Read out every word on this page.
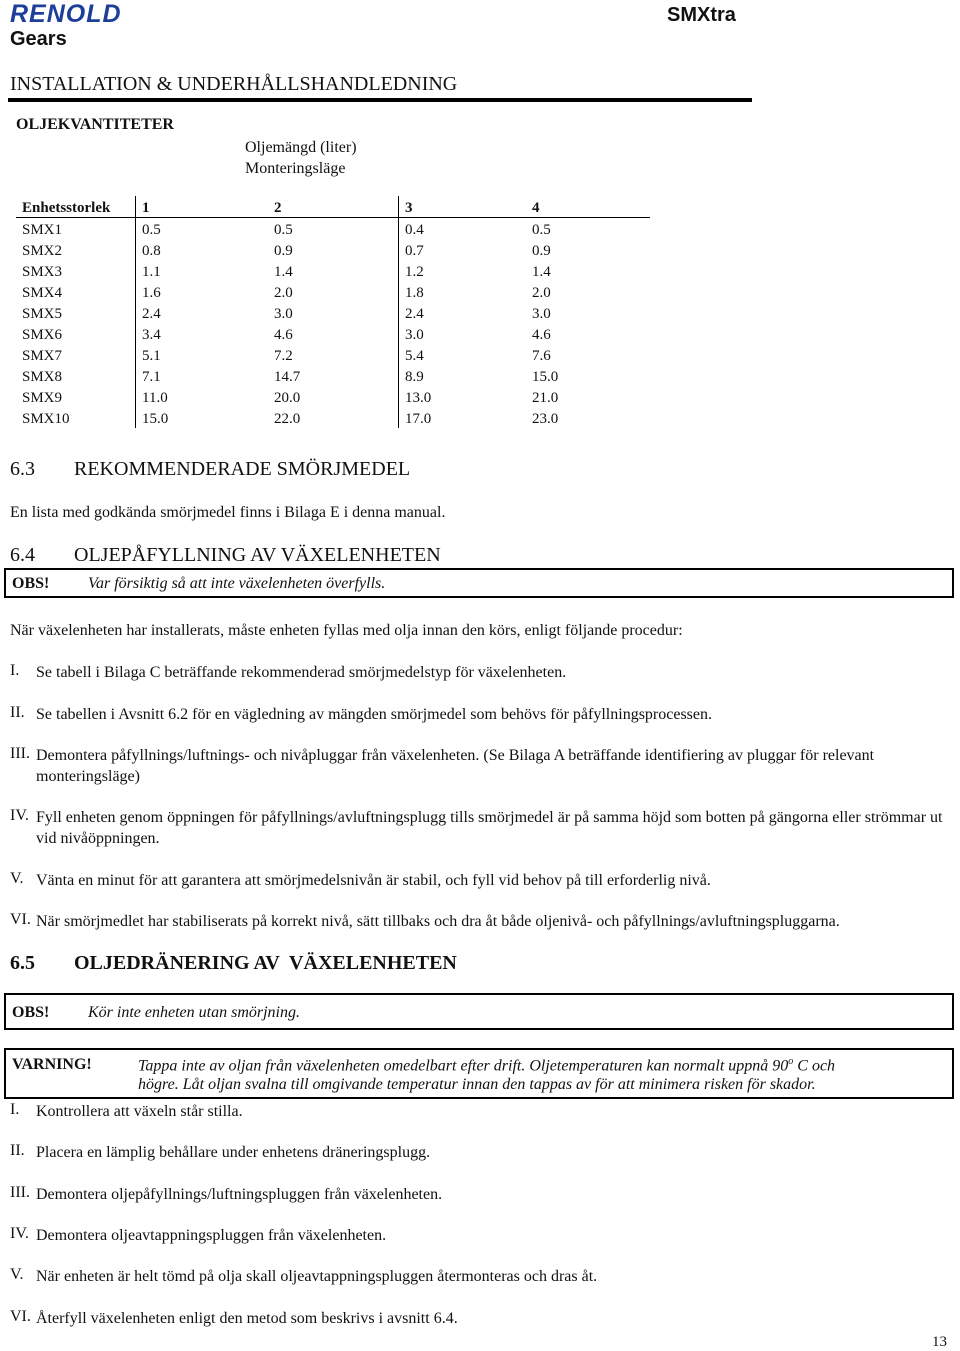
RENOLD
Gears
SMXtra
INSTALLATION & UNDERHÅLLSHANDLEDNING
OLJEKVANTITETER
Oljemängd (liter)
Monteringsläge
Enhetsstorlek	1	2	3	4
SMX1	0.5	0.5	0.4	0.5
SMX2	0.8	0.9	0.7	0.9
SMX3	1.1	1.4	1.2	1.4
SMX4	1.6	2.0	1.8	2.0
SMX5	2.4	3.0	2.4	3.0
SMX6	3.4	4.6	3.0	4.6
SMX7	5.1	7.2	5.4	7.6
SMX8	7.1	14.7	8.9	15.0
SMX9	11.0	20.0	13.0	21.0
SMX10	15.0	22.0	17.0	23.0
6.3 REKOMMENDERADE SMÖRJMEDEL
En lista med godkända smörjmedel finns i Bilaga E i denna manual.
6.4 OLJEPÅFYLLNING AV VÄXELENHETEN
OBS! Var försiktig så att inte växelenheten överfylls.
När växelenheten har installerats, måste enheten fyllas med olja innan den körs, enligt följande procedur:
I. Se tabell i Bilaga C beträffande rekommenderad smörjmedelstyp för växelenheten.
II. Se tabellen i Avsnitt 6.2 för en vägledning av mängden smörjmedel som behövs för påfyllningsprocessen.
III. Demontera påfyllnings/luftnings- och nivåpluggar från växelenheten. (Se Bilaga A beträffande identifiering av pluggar för relevant monteringsläge)
IV. Fyll enheten genom öppningen för påfyllnings/avluftningsplugg tills smörjmedel är på samma höjd som botten på gängorna eller strömmar ut vid nivåöppningen.
V. Vänta en minut för att garantera att smörjmedelsnivån är stabil, och fyll vid behov på till erforderlig nivå.
VI. När smörjmedlet har stabiliserats på korrekt nivå, sätt tillbaks och dra åt både oljenivå- och påfyllnings/avluftningspluggarna.
6.5 OLJEDRÄNERING AV  VÄXELENHETEN
OBS! Kör inte enheten utan smörjning.
VARNING!	Tappa inte av oljan från växelenheten omedelbart efter drift. Oljetemperaturen kan normalt uppnå 90$^o$ C och
högre. Låt oljan svalna till omgivande temperatur innan den tappas av för att minimera risken för skador.
I. Kontrollera att växeln står stilla.
II. Placera en lämplig behållare under enhetens dräneringsplugg.
III. Demontera oljepåfyllnings/luftningspluggen från växelenheten.
IV. Demontera oljeavtappningspluggen från växelenheten.
V. När enheten är helt tömd på olja skall oljeavtappningspluggen återmonteras och dras åt.
VI. Återfyll växelenheten enligt den metod som beskrivs i avsnitt 6.4.
13
